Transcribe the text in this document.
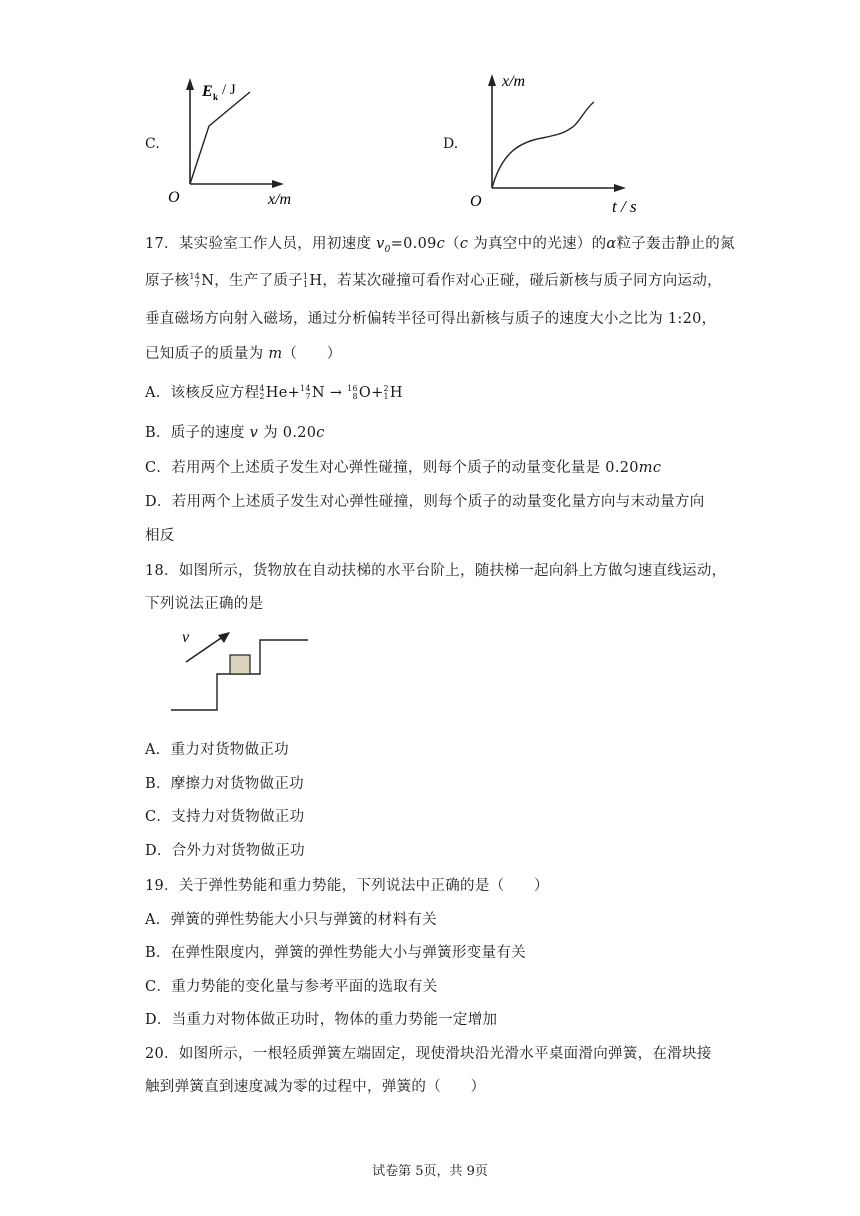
C.
E k / J
x/m
O
D.
x/m
t / s
O
17．某实验室工作人员，用初速度 $v_0=0.09c(c$ 为真空中的光速）的α粒子轰击静止的氮
原子核 14
7 N，生产了质子 1
1 H，若某次碰撞可看作对心正碰，碰后新核与质子同方向运动，
垂直磁场方向射入磁场，通过分析偏转半径可得出新核与质子的速度大小之比为 1:20，
已知质子的质量为 m（　　）
A．该核反应方程 4
2 He+ 14
7 N → 16
8 O+ 2
1 H
B．质子的速度 v 为 0.20c
C．若用两个上述质子发生对心弹性碰撞，则每个质子的动量变化量是 0.20mc
D．若用两个上述质子发生对心弹性碰撞，则每个质子的动量变化量方向与末动量方向
相反
18．如图所示，货物放在自动扶梯的水平台阶上，随扶梯一起向斜上方做匀速直线运动，
下列说法正确的是
v
A．重力对货物做正功
B．摩擦力对货物做正功
C．支持力对货物做正功
D．合外力对货物做正功
19．关于弹性势能和重力势能，下列说法中正确的是（　　）
A．弹簧的弹性势能大小只与弹簧的材料有关
B．在弹性限度内，弹簧的弹性势能大小与弹簧形变量有关
C．重力势能的变化量与参考平面的选取有关
D．当重力对物体做正功时，物体的重力势能一定增加
20．如图所示，一根轻质弹簧左端固定，现使滑块沿光滑水平桌面滑向弹簧，在滑块接
触到弹簧直到速度减为零的过程中，弹簧的（　　）
试卷第 5页，共 9页
